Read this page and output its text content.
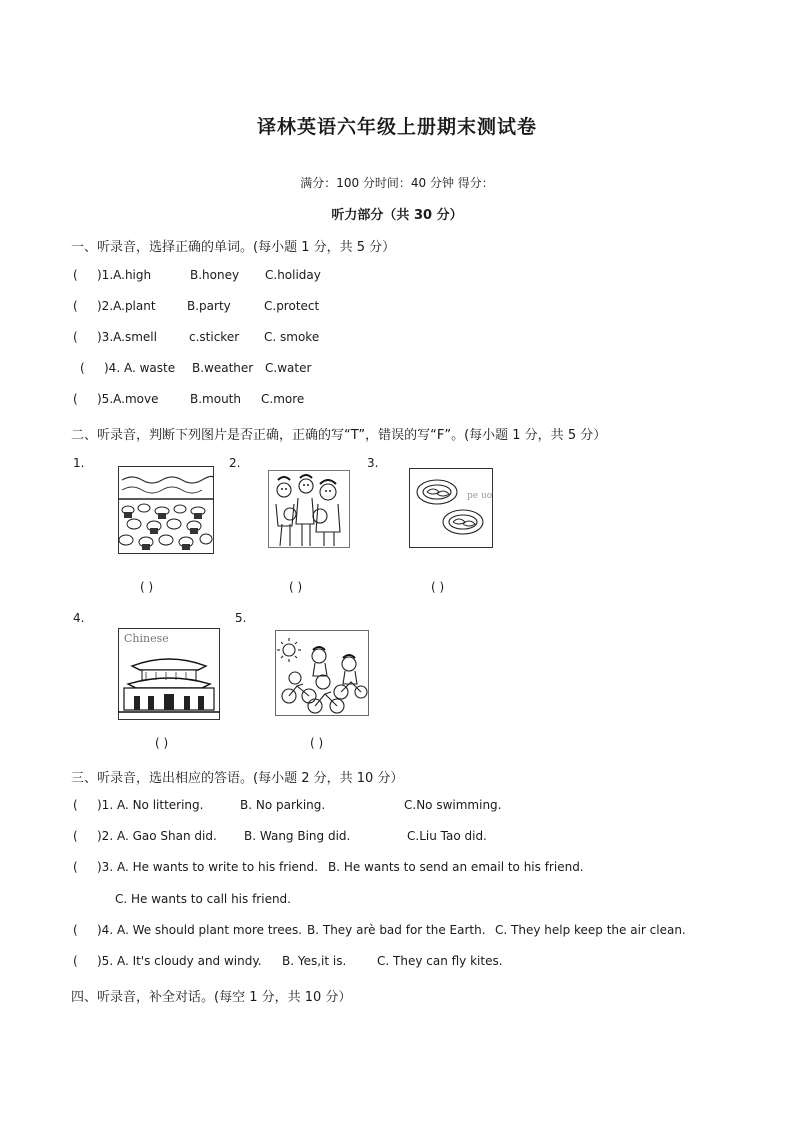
译林英语六年级上册期末测试卷
满分：100 分时间：40 分钟 得分：
听力部分（共 30 分）
一、听录音，选择正确的单词。(每小题 1 分，共 5 分）
( )1.A.high	B.honey C.holiday
( )2.A.plant	B.party	C.protect
( )3.A.smell	c.sticker C. smoke
( )4. A. waste B.weather C.water
( )5.A.move	B.mouth C.more
二、听录音，判断下列图片是否正确，正确的写“T”，错误的写“F”。(每小题 1 分，共 5 分）
1.	2.	3.
pe uo
( )	( )	( )
4.	5.
Chinese
( )	( )
三、听录音，选出相应的答语。(每小题 2 分，共 10 分）
( )1. A. No littering.	B. No parking.	C.No swimming.
( )2. A. Gao Shan did. B. Wang Bing did.	C.Liu Tao did.
( )3. A. He wants to write to his friend. B. He wants to send an email to his friend.
C. He wants to call his friend.
( )4. A. We should plant more trees. B. They arè bad for the Earth. C. They help keep the air clean.
( )5. A. It's cloudy and windy. B. Yes,it is.	C. They can fly kites.
四、听录音，补全对话。(每空 1 分，共 10 分）
